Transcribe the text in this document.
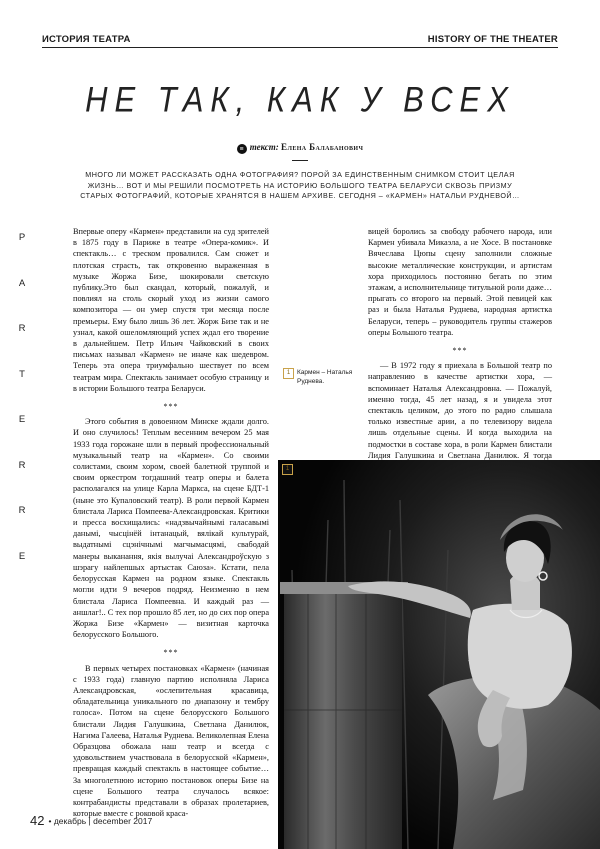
ИСТОРИЯ ТЕАТРА	HISTORY OF THE THEATER
P
A
R
T
E
R
R
E
НЕ ТАК, КАК У ВСЕХ
≡ текст: Елена Балабанович
МНОГО ЛИ МОЖЕТ РАССКАЗАТЬ ОДНА ФОТОГРАФИЯ? ПОРОЙ ЗА ЕДИНСТВЕННЫМ СНИМКОМ СТОИТ ЦЕЛАЯ ЖИЗНЬ… ВОТ И МЫ РЕШИЛИ ПОСМОТРЕТЬ НА ИСТОРИЮ БОЛЬШОГО ТЕАТРА БЕЛАРУСИ СКВОЗЬ ПРИЗМУ СТАРЫХ ФОТОГРАФИЙ, КОТОРЫЕ ХРАНЯТСЯ В НАШЕМ АРХИВЕ. СЕГОДНЯ – «КАРМЕН» НАТАЛЬИ РУДНЕВОЙ…

Впервые оперу «Кармен» представили на суд зрителей в 1875 году в Париже в театре «Опера-комик». И спектакль… с треском провалился. Сам сюжет и плотская страсть, так откровенно выраженная в музыке Жоржа Бизе, шокировали светскую публику.Это был скандал, который, пожалуй, и повлиял на столь скорый уход из жизни самого композитора — он умер спустя три месяца после премьеры. Ему было лишь 36 лет. Жорж Бизе так и не узнал, какой ошеломляющий успех ждал его творение в дальнейшем. Петр Ильич Чайковский в своих письмах называл «Кармен» не иначе как шедевром. Теперь эта опера триумфально шествует по всем театрам мира. Спектакль занимает особую страницу и в истории Большого театра Беларуси.

***

Этого события в довоенном Минске ждали долго. И оно случилось! Теплым весенним вечером 25 мая 1933 года горожане шли в первый профессиональный музыкальный театр на «Кармен». Со своими солистами, своим хором, своей балетной труппой и своим оркестром тогдашний театр оперы и балета располагался на улице Карла Маркса, на сцене БДТ-1 (ныне это Купаловский театр). В роли первой Кармен блистала Лариса Помпеева-Александровская. Критики и пресса восхищались: «надзвычайнымі галасавымі данымі, чысцінёй інтанацый, вялікай культурай, выдатнымі сцэнічнымі магчымасцямі, свабодай манеры выканання, якія вылучаі Александроўскую з шэрагу найлепшых артыстак Саюза». Кстати, пела белорусская Кармен на родном языке. Спектакль могли идти 9 вечеров подряд. Неизменно в нем блистала Лариса Помпеевна. И каждый раз — аншлаг!.. С тех пор прошло 85 лет, но до сих пор опера Жоржа Бизе «Кармен» — визитная карточка белорусского Большого.

***

В первых четырех постановках «Кармен» (начиная с 1933 года) главную партию исполняла Лариса Александровская, «ослепительная красавица, обладательница уникального по диапазону и тембру голоса». Потом на сцене белорусского Большого блистали Лидия Галушкина, Светлана Данилюк, Нагима Галеева, Наталья Руднева. Великолепная Елена Образцова обожала наш театр и всегда с удовольствием участвовала в белорусской «Кармен», превращая каждый спектакль в настоящее событие… За многолетнюю историю постановок оперы Бизе на сцене Большого театра случалось всякое: контрабандисты представали в образах пролетариев, которые вместе с роковой краса-

вицей боролись за свободу рабочего народа, или Кармен убивала Микаэла, а не Хосе. В постановке Вячеслава Цюпы сцену заполнили сложные высокие металлические конструкции, и артистам хора приходилось постоянно бегать по этим этажам, а исполнительнице титульной роли даже… прыгать со второго на первый. Этой певицей как раз и была Наталья Руднева, народная артистка Беларуси, теперь – руководитель группы стажеров оперы Большого театра.

***

— В 1972 году я приехала в Большой театр по направлению в качестве артистки хора, — вспоминает Наталья Александровна. — Пожалуй, именно тогда, 45 лет назад, я и увидела этот спектакль целиком, до этого по радио слышала только известные арии, а по телевизору видела лишь отдельные сцены. И когда выходила на подмостки в составе хора, в роли Кармен блистали Лидия Галушкина и Светлана Данилюк. Я тогда

1	Кармен – Наталья Руднева.
1
42 • декабрь | december 2017
